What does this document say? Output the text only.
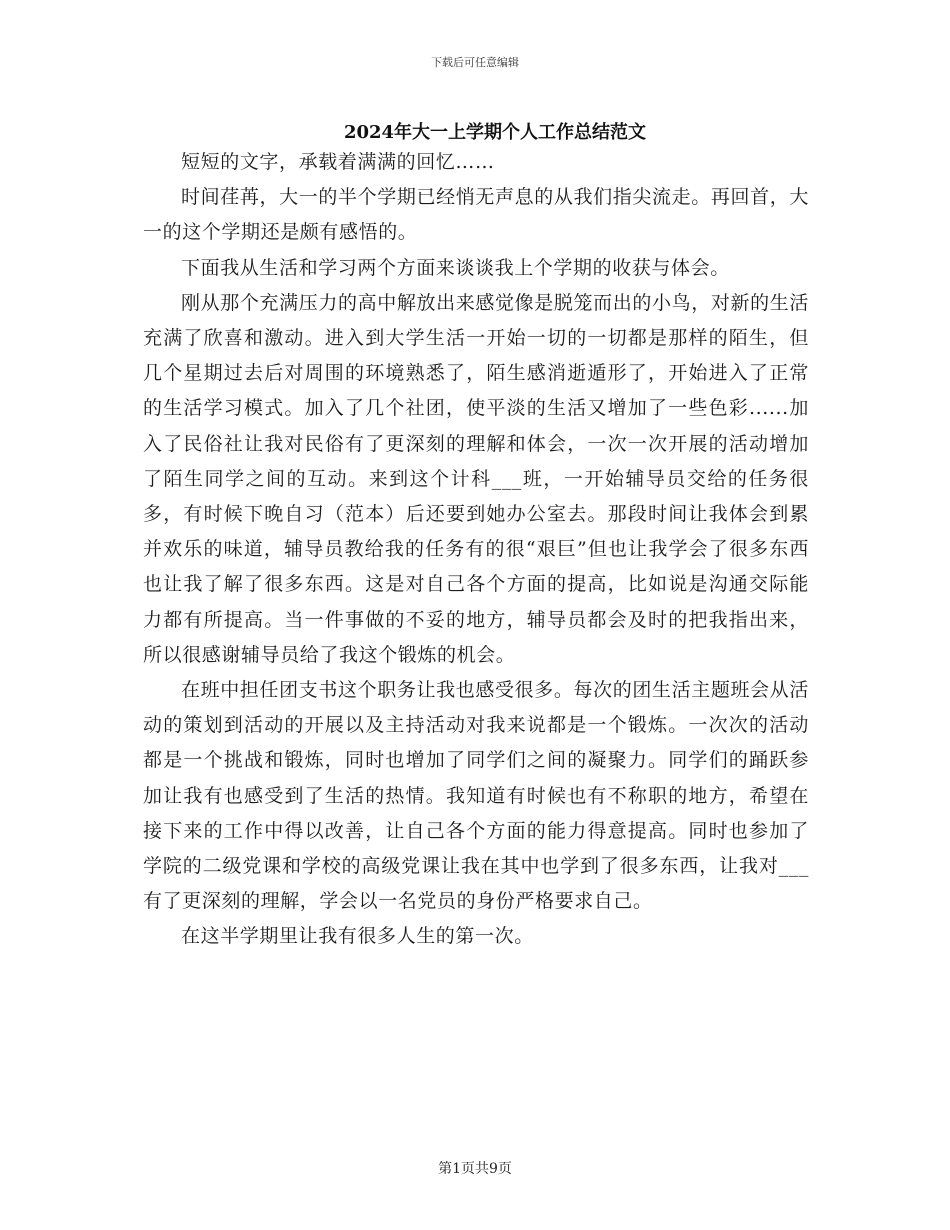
下载后可任意编辑
2024年大一上学期个人工作总结范文

短短的文字，承载着满满的回忆……

时间荏苒，大一的半个学期已经悄无声息的从我们指尖流走。再回首，大一的这个学期还是颇有感悟的。

下面我从生活和学习两个方面来谈谈我上个学期的收获与体会。

刚从那个充满压力的高中解放出来感觉像是脱笼而出的小鸟，对新的生活充满了欣喜和激动。进入到大学生活一开始一切的一切都是那样的陌生，但几个星期过去后对周围的环境熟悉了，陌生感消逝遁形了，开始进入了正常的生活学习模式。加入了几个社团，使平淡的生活又增加了一些色彩......加入了民俗社让我对民俗有了更深刻的理解和体会，一次一次开展的活动增加了陌生同学之间的互动。来到这个计科___班，一开始辅导员交给的任务很多，有时候下晚自习（范本）后还要到她办公室去。那段时间让我体会到累并欢乐的味道，辅导员教给我的任务有的很“艰巨”但也让我学会了很多东西也让我了解了很多东西。这是对自己各个方面的提高，比如说是沟通交际能力都有所提高。当一件事做的不妥的地方，辅导员都会及时的把我指出来，所以很感谢辅导员给了我这个锻炼的机会。

在班中担任团支书这个职务让我也感受很多。每次的团生活主题班会从活动的策划到活动的开展以及主持活动对我来说都是一个锻炼。一次次的活动都是一个挑战和锻炼，同时也增加了同学们之间的凝聚力。同学们的踊跃参加让我有也感受到了生活的热情。我知道有时候也有不称职的地方，希望在接下来的工作中得以改善，让自己各个方面的能力得意提高。同时也参加了学院的二级党课和学校的高级党课让我在其中也学到了很多东西，让我对___有了更深刻的理解，学会以一名党员的身份严格要求自己。

在这半学期里让我有很多人生的第一次。

第1页共9页
